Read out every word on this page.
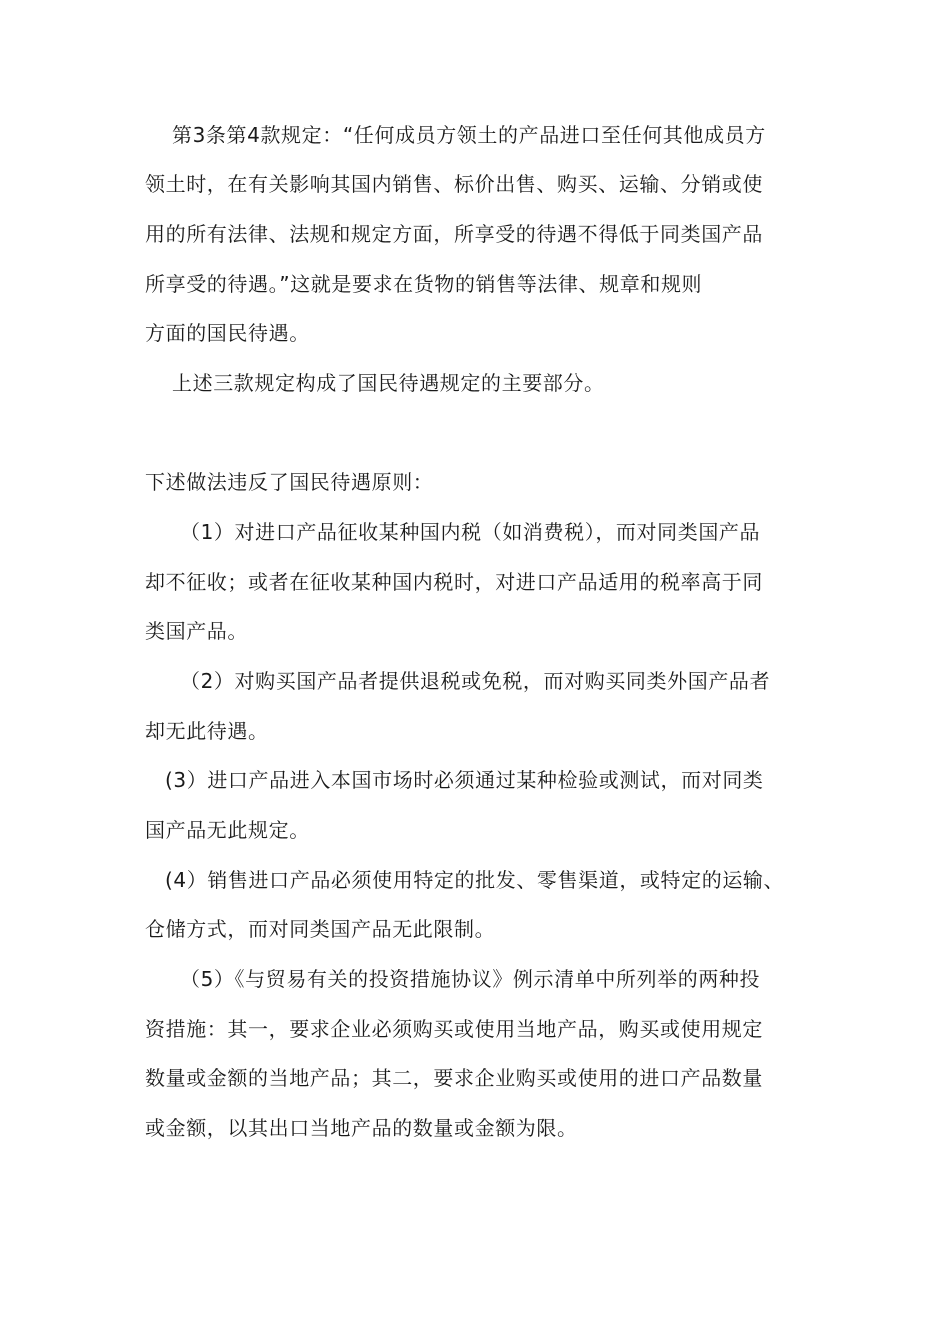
第3条第4款规定：“任何成员方领土的产品进口至任何其他成员方
领土时，在有关影响其国内销售、标价出售、购买、运输、分销或使
用的所有法律、法规和规定方面，所享受的待遇不得低于同类国产品
所享受的待遇。”这就是要求在货物的销售等法律、规章和规则
方面的国民待遇。
上述三款规定构成了国民待遇规定的主要部分。
下述做法违反了国民待遇原则：
（1）对进口产品征收某种国内税（如消费税），而对同类国产品
却不征收；或者在征收某种国内税时，对进口产品适用的税率高于同
类国产品。
（2）对购买国产品者提供退税或免税，而对购买同类外国产品者
却无此待遇。
(3）进口产品进入本国市场时必须通过某种检验或测试，而对同类
国产品无此规定。
(4）销售进口产品必须使用特定的批发、零售渠道，或特定的运输、
仓储方式，而对同类国产品无此限制。
（5）《与贸易有关的投资措施协议》例示清单中所列举的两种投
资措施：其一，要求企业必须购买或使用当地产品，购买或使用规定
数量或金额的当地产品；其二，要求企业购买或使用的进口产品数量
或金额，以其出口当地产品的数量或金额为限。
